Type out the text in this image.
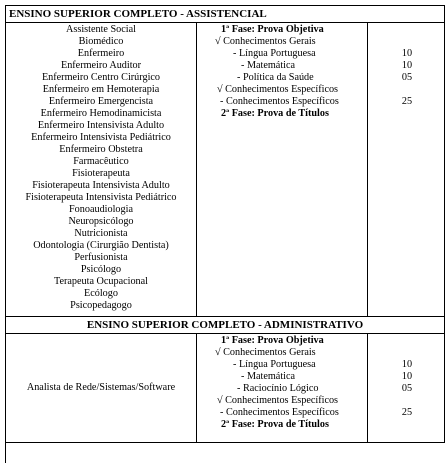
ENSINO SUPERIOR COMPLETO - ASSISTENCIAL
Assistente Social
Biomédico
Enfermeiro
Enfermeiro Auditor
Enfermeiro Centro Cirúrgico
Enfermeiro em Hemoterapia
Enfermeiro Emergencista
Enfermeiro Hemodinamicista
Enfermeiro Intensivista Adulto
Enfermeiro Intensivista Pediátrico
Enfermeiro Obstetra
Farmacêutico
Fisioterapeuta
Fisioterapeuta Intensivista Adulto
Fisioterapeuta Intensivista Pediátrico
Fonoaudiologia
Neuropsicólogo
Nutricionista
Odontologia (Cirurgião Dentista)
Perfusionista
Psicólogo
Terapeuta Ocupacional
Ecólogo
Psicopedagogo
1ª Fase: Prova Objetiva
√ Conhecimentos Gerais
- Língua Portuguesa
- Matemática
- Política da Saúde
√ Conhecimentos Específicos
- Conhecimentos Específicos
2ª Fase: Prova de Títulos
10
10
05
25
ENSINO SUPERIOR COMPLETO - ADMINISTRATIVO
Analista de Rede/Sistemas/Software
1ª Fase: Prova Objetiva
√ Conhecimentos Gerais
- Língua Portuguesa
- Matemática
- Raciocínio Lógico
√ Conhecimentos Específicos
- Conhecimentos Específicos
2ª Fase: Prova de Títulos
10
10
05
25
